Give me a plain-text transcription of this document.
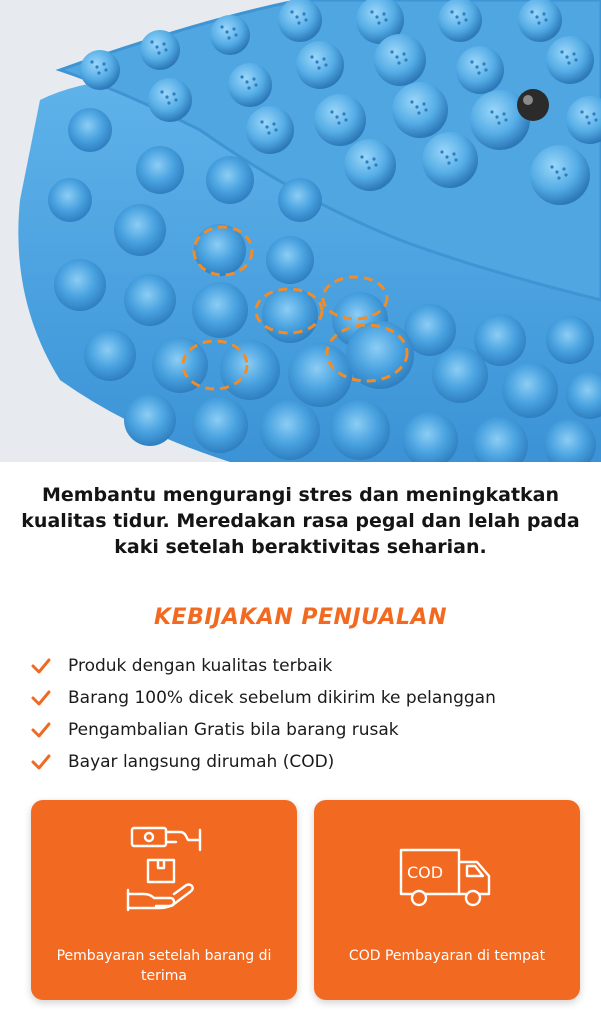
Membantu mengurangi stres dan meningkatkan kualitas tidur. Meredakan rasa pegal dan lelah pada kaki setelah beraktivitas seharian.

KEBIJAKAN PENJUALAN
Produk dengan kualitas terbaik
Barang 100% dicek sebelum dikirim ke pelanggan
Pengambalian Gratis bila barang rusak
Bayar langsung dirumah (COD)
Pembayaran setelah barang di terima
COD
COD Pembayaran di tempat
